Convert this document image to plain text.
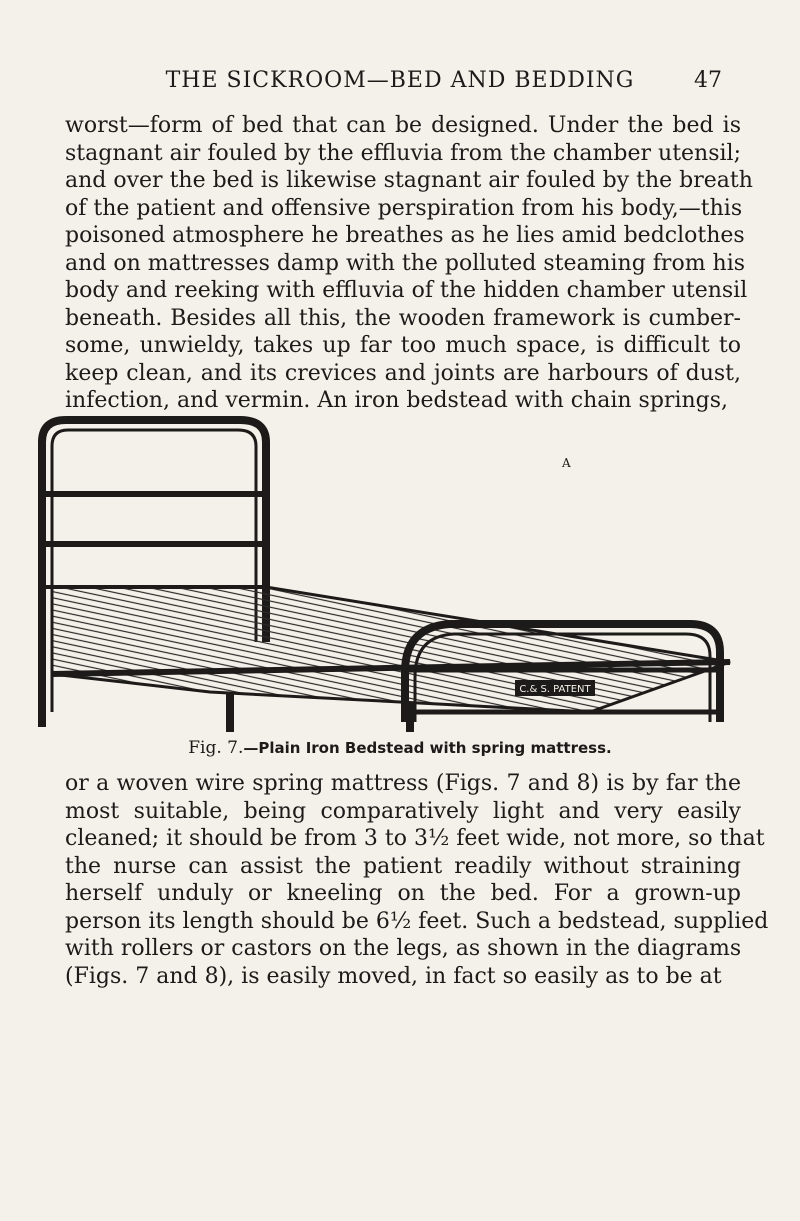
THE SICKROOM—BED AND BEDDING	47
worst—form of bed that can be designed. Under the bed is
stagnant air fouled by the effluvia from the chamber utensil;
and over the bed is likewise stagnant air fouled by the breath
of the patient and offensive perspiration from his body,—this
poisoned atmosphere he breathes as he lies amid bedclothes
and on mattresses damp with the polluted steaming from his
body and reeking with effluvia of the hidden chamber utensil
beneath. Besides all this, the wooden framework is cumber-
some, unwieldy, takes up far too much space, is difficult to
keep clean, and its crevices and joints are harbours of dust,
infection, and vermin. An iron bedstead with chain springs,
C.& S. PATENT
A
Fig. 7.—Plain Iron Bedstead with spring mattress.
or a woven wire spring mattress (Figs. 7 and 8) is by far the
most suitable, being comparatively light and very easily
cleaned; it should be from 3 to 3½ feet wide, not more, so that
the nurse can assist the patient readily without straining
herself unduly or kneeling on the bed. For a grown-up
person its length should be 6½ feet. Such a bedstead, supplied
with rollers or castors on the legs, as shown in the diagrams
(Figs. 7 and 8), is easily moved, in fact so easily as to be at
